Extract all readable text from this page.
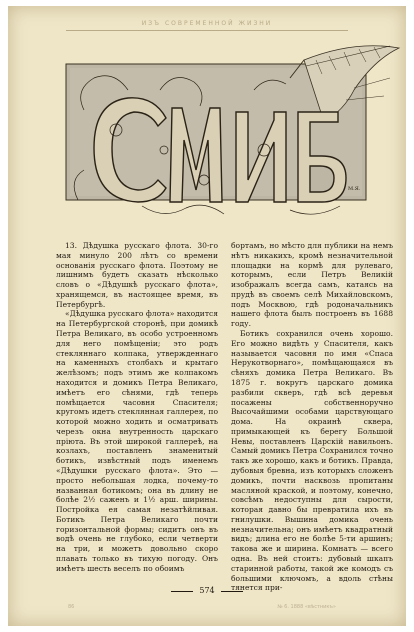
ИЗЪ СОВРЕМЕННОЙ ЖИЗНИ
М.Я.

13. Дѣдушка русскаго флота. 30-го мая минуло 200 лѣтъ со времени основанія русскаго флота. Поэтому не лишнимъ будетъ сказать нѣсколько словъ о «Дѣдушкѣ русскаго флота», хранящемся, въ настоящее время, въ Петербургѣ.

«Дѣдушка русскаго флота» находится на Петербургской сторонѣ, при домикѣ Петра Великаго, въ особо устроенномъ для него помѣщеніи; это родъ стекляннаго колпака, утвержденнаго на каменныхъ столбахъ и крытаго желѣзомъ; подъ этимъ же колпакомъ находится и домикъ Петра Великаго, имѣетъ его сѣнями, гдѣ теперь помѣщается часовня Спасителя; кругомъ идетъ стеклянная галлерея, по которой можно ходить и осматривать черезъ окна внутренность царскаго пріюта. Въ этой широкой галлереѣ, на козлахъ, поставленъ знаменитый ботикъ, извѣстный подъ именемъ «Дѣдушки русскаго флота». Это — просто небольшая лодка, почему-то названная ботикомъ; она въ длину не болѣе 2½ саженъ и 1½ арш. ширины. Постройка ея самая незатѣйливая. Ботикъ Петра Великаго почти горизонтальной формы; сидитъ онъ въ водѣ очень не глубоко, если четверти на три, и можетъ довольно скоро плавать только въ тихую погоду. Онъ имѣетъ шесть веселъ по обоимъ

бортамъ, но мѣсто для публики на немъ нѣтъ никакихъ, кромѣ незначительной площадки на кормѣ для рулеваго, которымъ, если Петръ Великій изображалъ всегда самъ, катаясь на прудѣ въ своемъ селѣ Михайловскомъ, подъ Москвою, гдѣ родоначальникъ нашего флота былъ построенъ въ 1688 году.

Ботикъ сохранился очень хорошо. Его можно видѣть у Спасителя, какъ называется часовня по имя «Спаса Нерукотворнаго», помѣщающаяся въ сѣняхъ домика Петра Великаго. Въ 1875 г. вокругъ царскаго домика разбили скверъ, гдѣ всѣ деревья посажены собственноручно Высочайшими особами царствующаго дома. На окраинѣ сквера, примыкающей къ берегу Большой Невы, поставленъ Царскій навильонъ. Самый домикъ Петра Сохранился точно такъ же хорошо, какъ и ботикъ. Правда, дубовыя бревна, изъ которыхъ сложенъ домикъ, почти насквозь пропитаны масляной краской, и поэтому, конечно, совсѣмъ недоступны для сырости, которая давно бы превратила ихъ въ гнилушки. Вышина домика очень незначительна; онъ имѣетъ квадратный видъ; длина его не болѣе 5-ти аршинъ; такова же и ширина. Комнатъ — всего одна. Въ ней стоитъ: дубовый шкапъ старинной работы, такой же комодъ съ большими ключомъ, а вдоль стѣны тянется при-

574
86	№ 6. 1888 «вѣстникъ»
